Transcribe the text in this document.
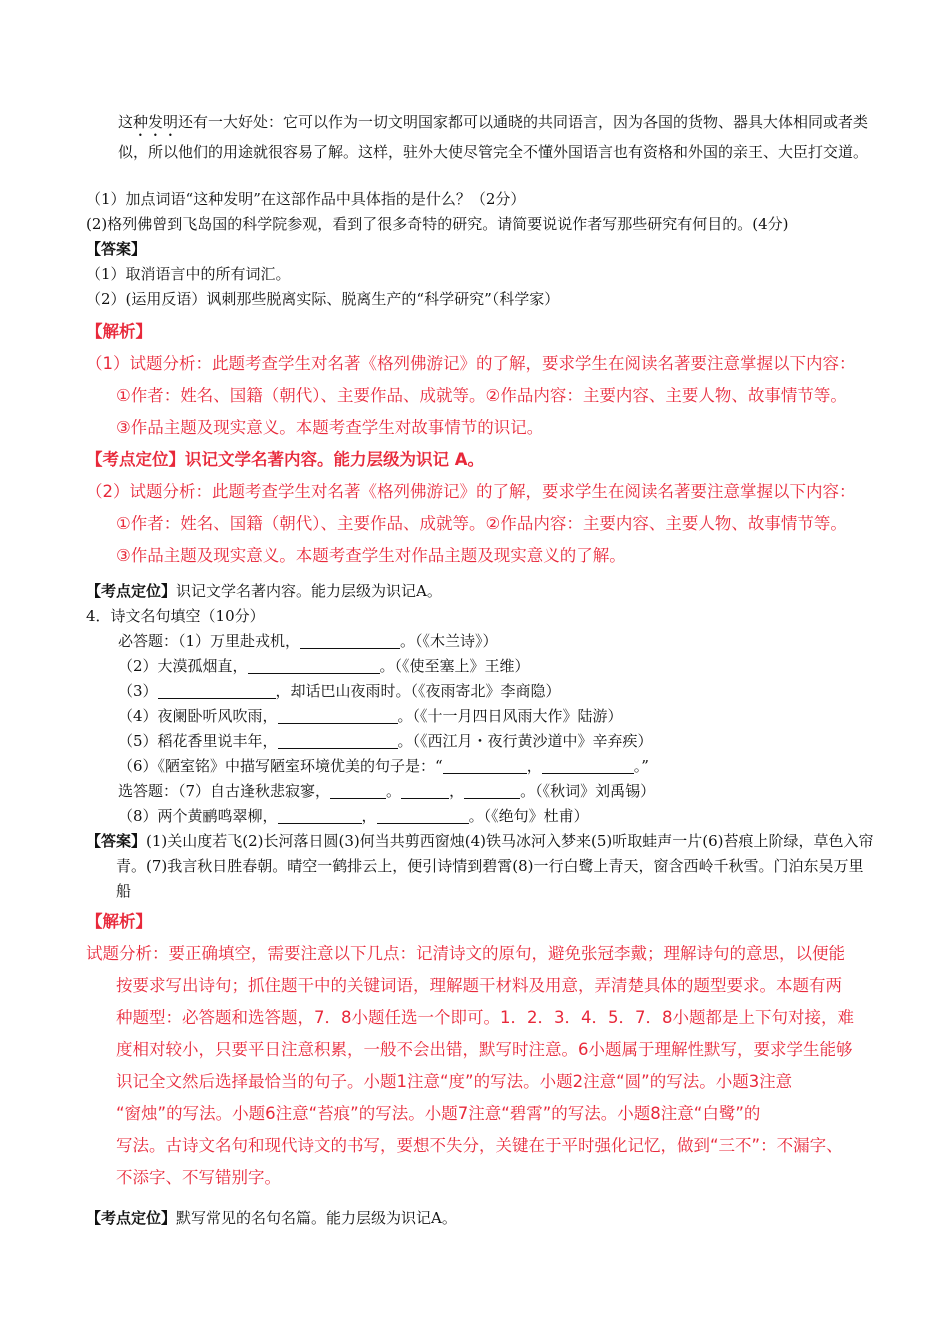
这种发明还有一大好处：它可以作为一切文明国家都可以通晓的共同语言，因为各国的货物、器具大体相同或者类似，所以他们的用途就很容易了解。这样，驻外大使尽管完全不懂外国语言也有资格和外国的亲王、大臣打交道。

（1）加点词语“这种发明”在这部作品中具体指的是什么？（2分）

(2)格列佛曾到飞岛国的科学院参观，看到了很多奇特的研究。请简要说说作者写那些研究有何目的。(4分)

【答案】

（1）取消语言中的所有词汇。

（2）(运用反语）讽刺那些脱离实际、脱离生产的“科学研究”（科学家）

【解析】

（1）试题分析：此题考查学生对名著《格列佛游记》的了解，要求学生在阅读名著要注意掌握以下内容：

①作者：姓名、国籍（朝代）、主要作品、成就等。②作品内容：主要内容、主要人物、故事情节等。

③作品主题及现实意义。本题考查学生对故事情节的识记。

【考点定位】识记文学名著内容。能力层级为识记 A。

（2）试题分析：此题考查学生对名著《格列佛游记》的了解，要求学生在阅读名著要注意掌握以下内容：

①作者：姓名、国籍（朝代）、主要作品、成就等。②作品内容：主要内容、主要人物、故事情节等。

③作品主题及现实意义。本题考查学生对作品主题及现实意义的了解。

【考点定位】识记文学名著内容。能力层级为识记A。

4．诗文名句填空（10分）

必答题：（1）万里赴戎机，	。（《木兰诗》）

（2）大漠孤烟直，	。（《使至塞上》王维）

（3）	，却话巴山夜雨时。（《夜雨寄北》李商隐）

（4）夜阑卧听风吹雨，	。（《十一月四日风雨大作》陆游）

（5）稻花香里说丰年，	。（《西江月・夜行黄沙道中》辛弃疾）

（6）《陋室铭》中描写陋室环境优美的句子是：“	，	。”

选答题：（7）自古逢秋悲寂寥，	。	，	。（《秋词》刘禹锡）

（8）两个黄鹂鸣翠柳，	，	。（《绝句》杜甫）

【答案】(1)关山度若飞(2)长河落日圆(3)何当共剪西窗烛(4)铁马冰河入梦来(5)听取蛙声一片(6)苔痕上阶绿，草色入帘青。(7)我言秋日胜春朝。晴空一鹤排云上，便引诗情到碧霄(8)一行白鹭上青天，窗含西岭千秋雪。门泊东吴万里船

【解析】

试题分析：要正确填空，需要注意以下几点：记清诗文的原句，避免张冠李戴；理解诗句的意思，以便能

按要求写出诗句；抓住题干中的关键词语，理解题干材料及用意，弄清楚具体的题型要求。本题有两

种题型：必答题和选答题，7．8小题任选一个即可。1．2．3．4．5．7．8小题都是上下句对接，难

度相对较小，只要平日注意积累，一般不会出错，默写时注意。6小题属于理解性默写，要求学生能够

识记全文然后选择最恰当的句子。小题1注意“度”的写法。小题2注意“圆”的写法。小题3注意

“窗烛”的写法。小题6注意“苔痕”的写法。小题7注意“碧霄”的写法。小题8注意“白鹭”的

写法。古诗文名句和现代诗文的书写，要想不失分，关键在于平时强化记忆，做到“三不”：不漏字、

不添字、不写错别字。

【考点定位】默写常见的名句名篇。能力层级为识记A。
